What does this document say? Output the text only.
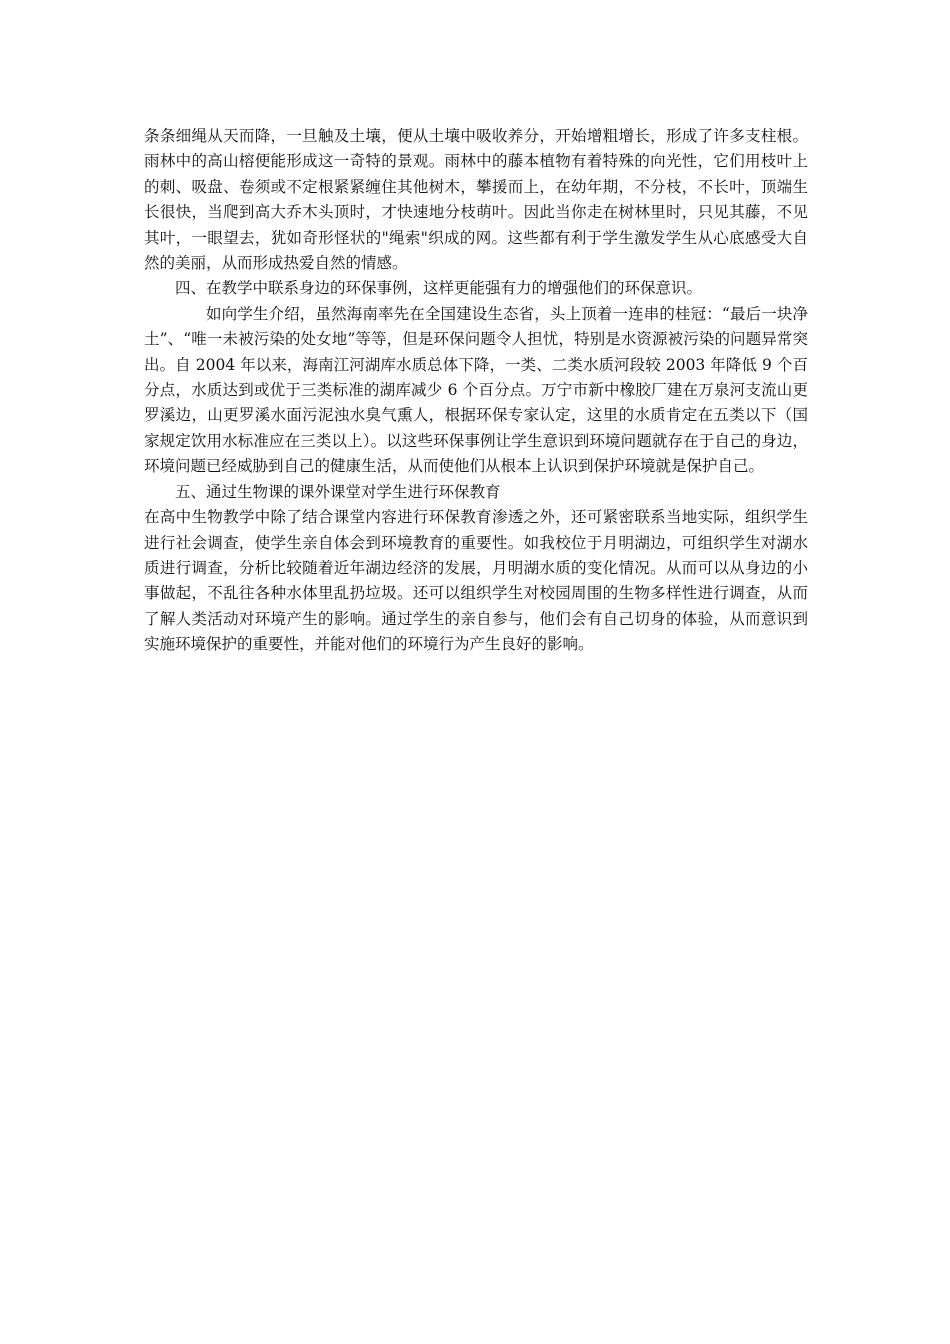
条条细绳从天而降，一旦触及土壤，便从土壤中吸收养分，开始增粗增长，形成了许多支柱根。雨林中的高山榕便能形成这一奇特的景观。雨林中的藤本植物有着特殊的向光性，它们用枝叶上的刺、吸盘、卷须或不定根紧紧缠住其他树木，攀援而上，在幼年期，不分枝，不长叶，顶端生长很快，当爬到高大乔木头顶时，才快速地分枝萌叶。因此当你走在树林里时，只见其藤，不见其叶，一眼望去，犹如奇形怪状的"绳索"织成的网。这些都有利于学生激发学生从心底感受大自然的美丽，从而形成热爱自然的情感。

四、在教学中联系身边的环保事例，这样更能强有力的增强他们的环保意识。

如向学生介绍，虽然海南率先在全国建设生态省，头上顶着一连串的桂冠：“最后一块净土”、“唯一未被污染的处女地”等等，但是环保问题令人担忧，特别是水资源被污染的问题异常突出。自 2004 年以来，海南江河湖库水质总体下降，一类、二类水质河段较 2003 年降低 9 个百分点，水质达到或优于三类标准的湖库减少 6 个百分点。万宁市新中橡胶厂建在万泉河支流山更罗溪边，山更罗溪水面污泥浊水臭气熏人，根据环保专家认定，这里的水质肯定在五类以下（国家规定饮用水标准应在三类以上）。以这些环保事例让学生意识到环境问题就存在于自己的身边，环境问题已经威胁到自己的健康生活，从而使他们从根本上认识到保护环境就是保护自己。

五、通过生物课的课外课堂对学生进行环保教育

在高中生物教学中除了结合课堂内容进行环保教育渗透之外，还可紧密联系当地实际，组织学生进行社会调查，使学生亲自体会到环境教育的重要性。如我校位于月明湖边，可组织学生对湖水质进行调查，分析比较随着近年湖边经济的发展，月明湖水质的变化情况。从而可以从身边的小事做起，不乱往各种水体里乱扔垃圾。还可以组织学生对校园周围的生物多样性进行调查，从而了解人类活动对环境产生的影响。通过学生的亲自参与，他们会有自己切身的体验，从而意识到实施环境保护的重要性，并能对他们的环境行为产生良好的影响。
